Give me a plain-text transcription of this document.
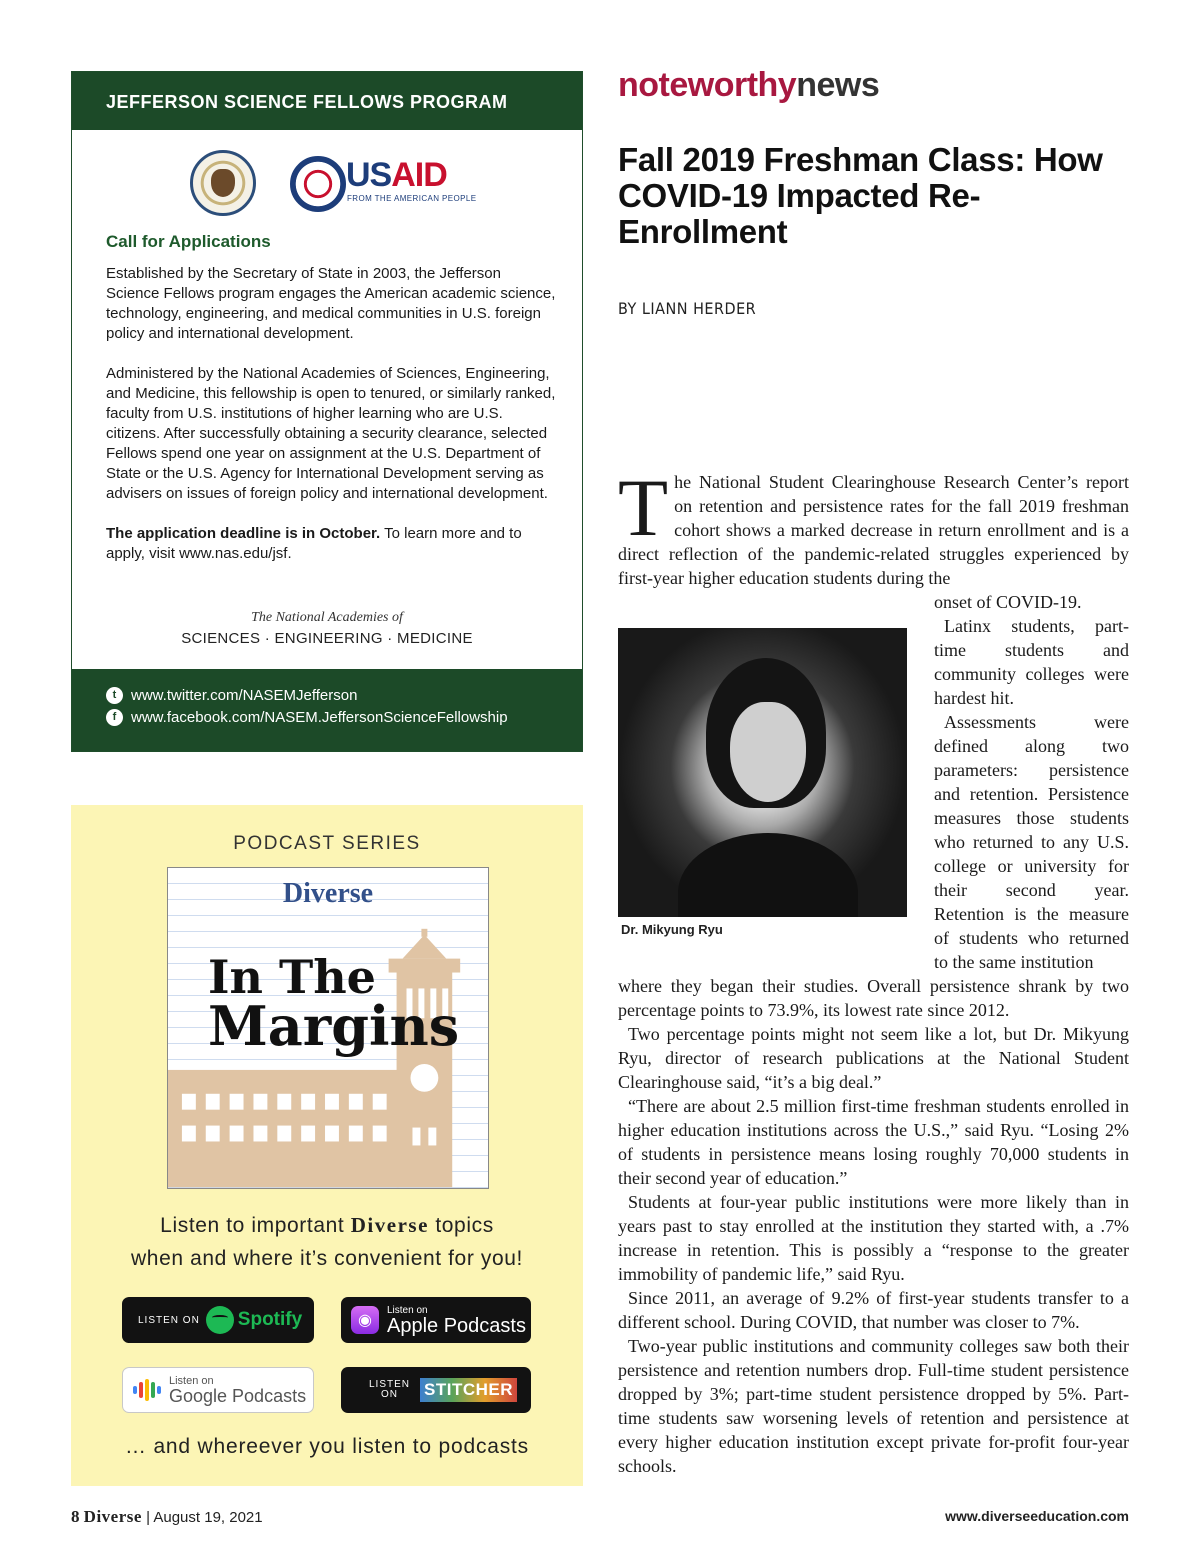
JEFFERSON SCIENCE FELLOWS PROGRAM
USAID
FROM THE AMERICAN PEOPLE
Call for Applications

Established by the Secretary of State in 2003, the Jefferson Science Fellows program engages the American academic science, technology, engineering, and medical communities in U.S. foreign policy and international development.

Administered by the National Academies of Sciences, Engineering, and Medicine, this fellowship is open to tenured, or similarly ranked, faculty from U.S. institutions of higher learning who are U.S. citizens. After successfully obtaining a security clearance, selected Fellows spend one year on assignment at the U.S. Department of State or the U.S. Agency for International Development serving as advisers on issues of foreign policy and international development.

The application deadline is in October. To learn more and to apply, visit www.nas.edu/jsf.

The National Academies of
SCIENCES · ENGINEERING · MEDICINE
t www.twitter.com/NASEMJefferson
f www.facebook.com/NASEM.JeffersonScienceFellowship
PODCAST SERIES
Diverse
In The
Margins
Listen to important Diverse topics
when and where it’s convenient for you!
LISTEN ON Spotify	◉
Listen on
Apple Podcasts
Listen on
Google Podcasts
LISTEN
ON	STITCHER
… and whereever you listen to podcasts
noteworthynews
Fall 2019 Freshman Class: How COVID-19 Impacted Re-Enrollment
BY LIANN HERDER
The National Student Clearinghouse Research Center’s report on retention and persistence rates for the fall 2019 freshman cohort shows a marked decrease in return enrollment and is a direct reflection of the pandemic-related struggles experienced by first-year higher education students during the
onset of COVID-19.
Dr. Mikyung Ryu
Latinx students, part-time students and community colleges were hardest hit.
Assessments were defined along two parameters: persistence and retention. Persistence measures those students who returned to any U.S. college or university for their second year. Retention is the measure of students who returned to the same institution
where they began their studies. Overall persistence shrank by two percentage points to 73.9%, its lowest rate since 2012.
Two percentage points might not seem like a lot, but Dr. Mikyung Ryu, director of research publications at the National Student Clearinghouse said, “it’s a big deal.”
“There are about 2.5 million first-time freshman students enrolled in higher education institutions across the U.S.,” said Ryu. “Losing 2% of students in persistence means losing roughly 70,000 students in their second year of education.”
Students at four-year public institutions were more likely than in years past to stay enrolled at the institution they started with, a .7% increase in retention. This is possibly a “response to the greater immobility of pandemic life,” said Ryu.
Since 2011, an average of 9.2% of first-year students transfer to a different school. During COVID, that number was closer to 7%.
Two-year public institutions and community colleges saw both their persistence and retention numbers drop. Full-time student persistence dropped by 3%; part-time student persistence dropped by 5%. Part-time students saw worsening levels of retention and persistence at every higher education institution except private for-profit four-year schools.
8 Diverse | August 19, 2021	www.diverseeducation.com
